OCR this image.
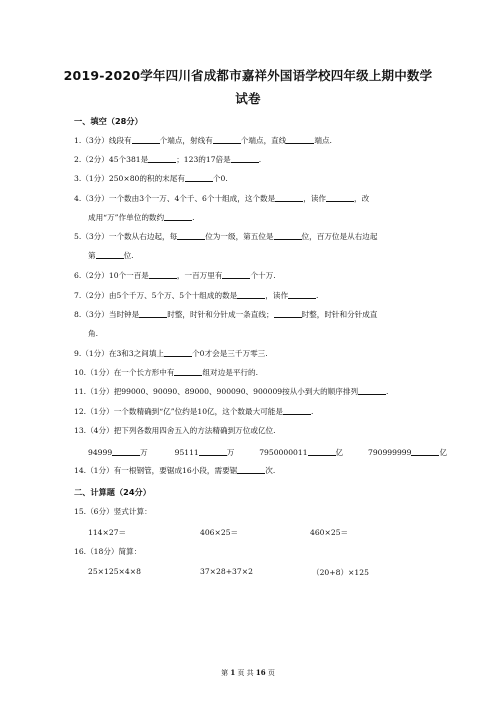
2019-2020学年四川省成都市嘉祥外国语学校四年级上期中数学
试卷
一、填空（28分）
1.（3分）线段有	个端点，射线有	个端点，直线	端点.
2.（2分）45个381是	；123的17倍是	.
3.（1分）250×80的积的末尾有	个0.
4.（3分）一个数由3个一万、4个千、6个十组成，这个数是	，读作	，改
成用“万”作单位的数约	.
5.（3分）一个数从右边起，每	位为一级，第五位是	位，百万位是从右边起
第	位.
6.（2分）10个一百是	，一百万里有	个十万.
7.（2分）由5个千万、5个万、5个十组成的数是	，读作	.
8.（3分）当时钟是	时整，时针和分针成一条直线；	时整，时针和分针成直
角.
9.（1分）在3和3之间填上	个0才会是三千万零三.
10.（1分）在一个长方形中有	组对边是平行的.
11.（1分）把99000、90090、89000、900090、900009按从小到大的顺序排列	.
12.（1分）一个数精确到“亿”位约是10亿，这个数最大可能是	.
13.（4分）把下列各数用四舍五入的方法精确到万位或亿位.
94999	万	95111	万	7950000011	亿	790999999	亿
14.（1分）有一根钢管，要锯成16小段，需要锯	次.
二、计算题（24分）
15.（6分）竖式计算：
114×27＝	406×25＝	460×25＝
16.（18分）简算：
25×125×4×8	37×28+37×2	（20+8）×125
第 1 页 共 16 页
